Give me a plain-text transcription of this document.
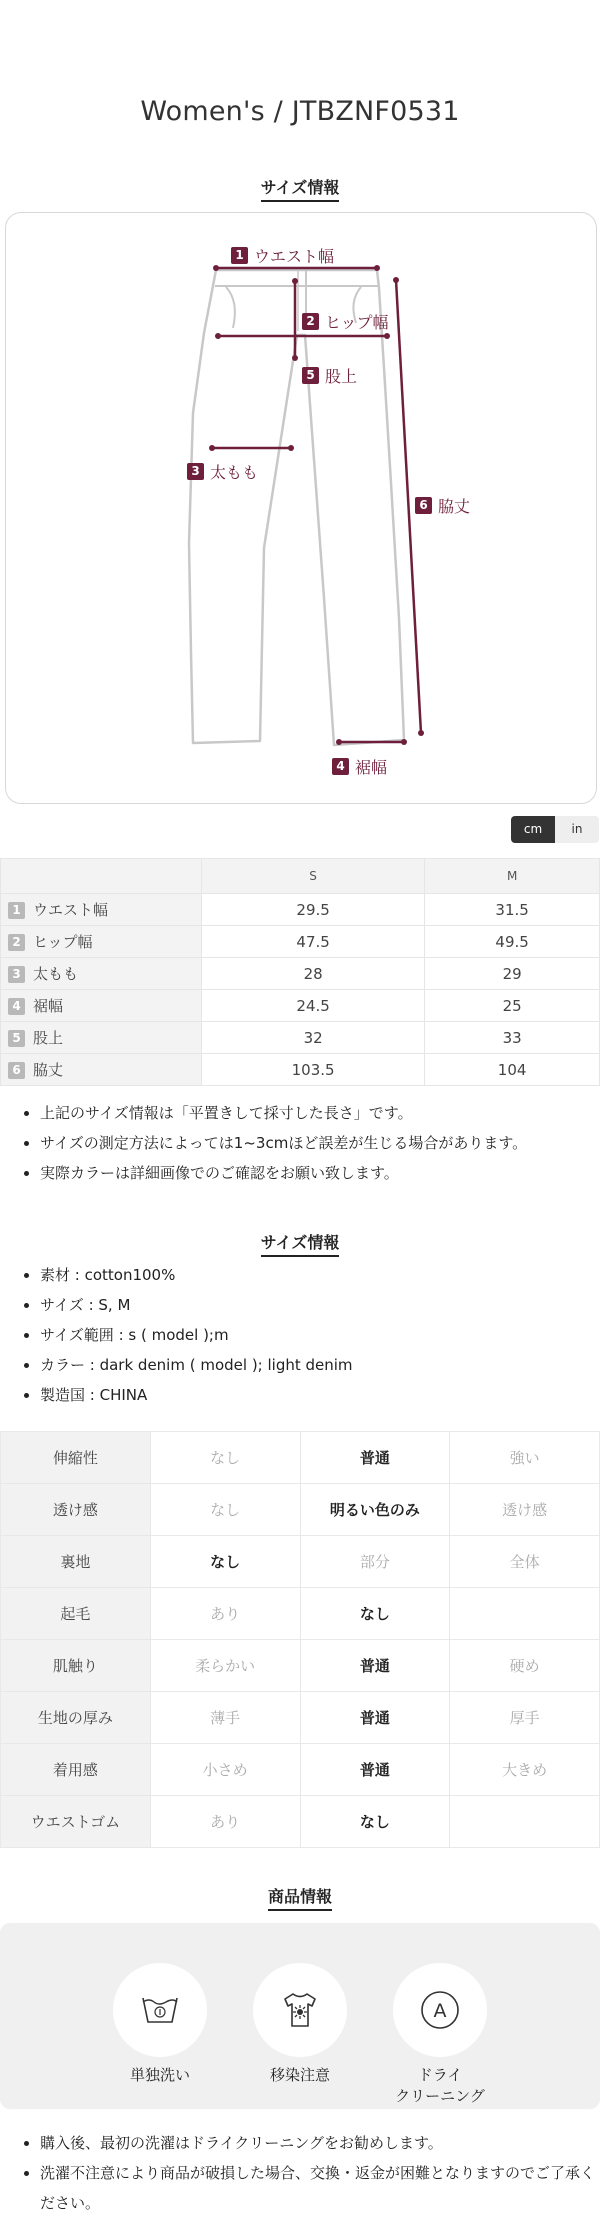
Women's / JTBZNF0531
サイズ情報
1 ウエスト幅
2 ヒップ幅
5 股上
3 太もも
6 脇丈
4 裾幅
cm	in
	S	M
1 ウエスト幅	29.5	31.5
2 ヒップ幅	47.5	49.5
3 太もも	28	29
4 裾幅	24.5	25
5 股上	32	33
6 脇丈	103.5	104
• 上記のサイズ情報は「平置きして採寸した長さ」です。
• サイズの測定方法によっては1~3cmほど誤差が生じる場合があります。
• 実際カラーは詳細画像でのご確認をお願い致します。
サイズ情報
• 素材 : cotton100%
• サイズ : S, M
• サイズ範囲 : s ( model );m
• カラー : dark denim ( model ); light denim
• 製造国 : CHINA
伸縮性	なし	普通	強い
透け感	なし	明るい色のみ	透け感
裏地	なし	部分	全体
起毛	あり	なし	
肌触り	柔らかい	普通	硬め
生地の厚み	薄手	普通	厚手
着用感	小さめ	普通	大きめ
ウエストゴム	あり	なし	
商品情報
単独洗い	移染注意
A
ドライ
クリーニング
• 購入後、最初の洗濯はドライクリーニングをお勧めします。
• 洗濯不注意により商品が破損した場合、交換・返金が困難となりますのでご了承ください。
